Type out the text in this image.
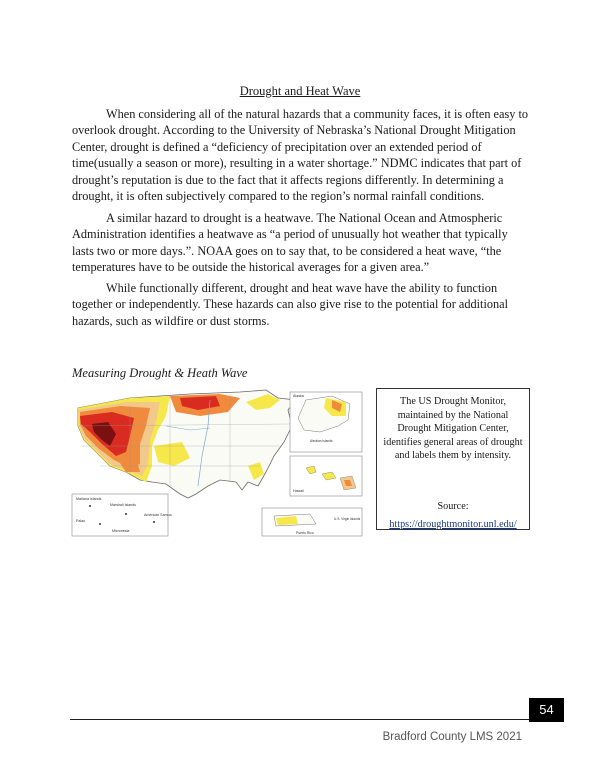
Drought and Heat Wave

When considering all of the natural hazards that a community faces, it is often easy to overlook drought. According to the University of Nebraska’s National Drought Mitigation Center, drought is defined a “deficiency of precipitation over an extended period of time(usually a season or more), resulting in a water shortage.” NDMC indicates that part of drought’s reputation is due to the fact that it affects regions differently. In determining a drought, it is often subjectively compared to the region’s normal rainfall conditions.

A similar hazard to drought is a heatwave. The National Ocean and Atmospheric Administration identifies a heatwave as “a period of unusually hot weather that typically lasts two or more days.”. NOAA goes on to say that, to be considered a heat wave, “the temperatures have to be outside the historical averages for a given area.”

While functionally different, drought and heat wave have the ability to function together or independently. These hazards can also give rise to the potential for additional hazards, such as wildfire or dust storms.

Measuring Drought & Heath Wave
Mariana Islands
Marshall Islands
Palau
American Samoa
Micronesia
Alaska
Aleutian Islands
Hawaii
Puerto Rico
U.S. Virgin Islands
The US Drought Monitor, maintained by the National Drought Mitigation Center, identifies general areas of drought and labels them by intensity.
Source:
https://droughtmonitor.unl.edu/
Bradford County LMS 2021
54
